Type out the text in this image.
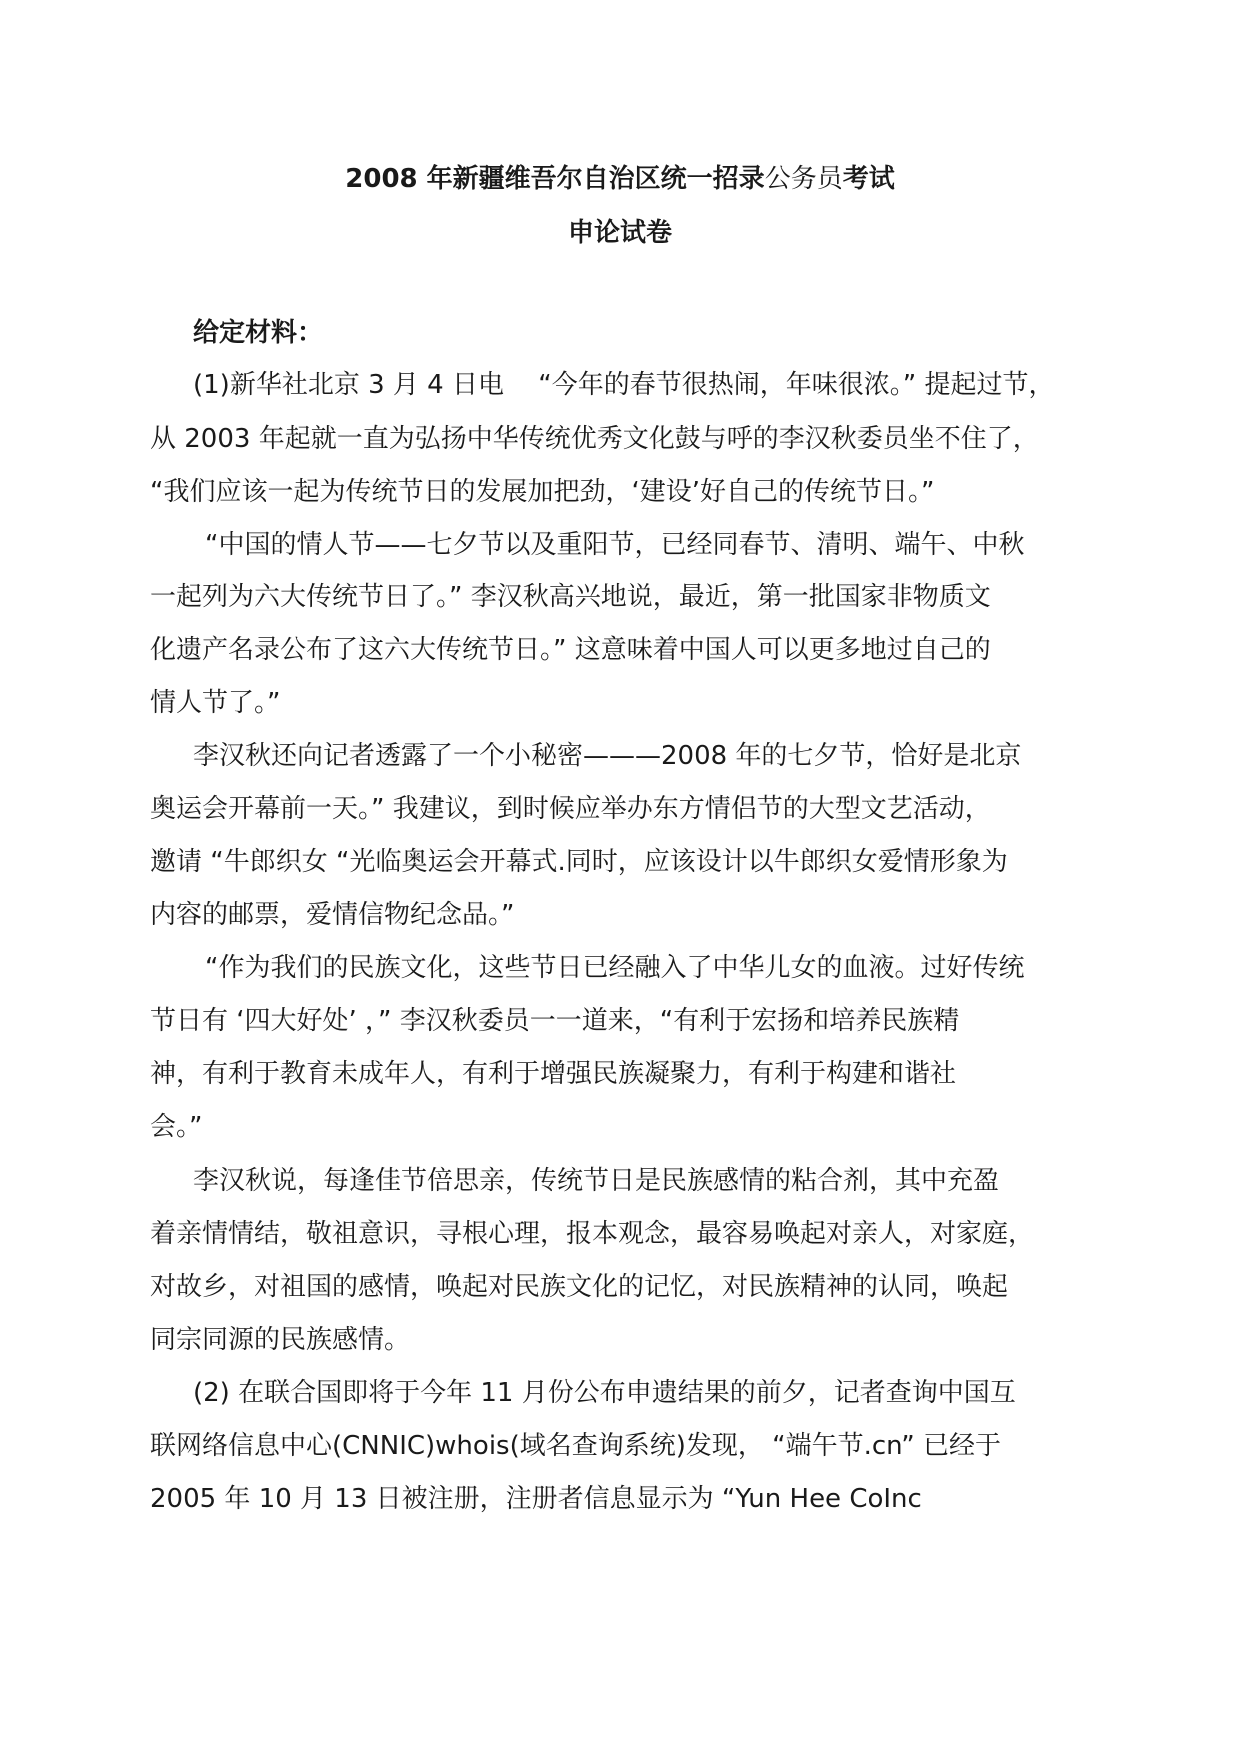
2008 年新疆维吾尔自治区统一招录公务员考试
申论试卷
给定材料：
(1)新华社北京 3 月 4 日电　 “今年的春节很热闹，年味很浓。” 提起过节，
从 2003 年起就一直为弘扬中华传统优秀文化鼓与呼的李汉秋委员坐不住了，
“我们应该一起为传统节日的发展加把劲，‘建设’好自己的传统节日。”
“中国的情人节——七夕节以及重阳节，已经同春节、清明、端午、中秋
一起列为六大传统节日了。” 李汉秋高兴地说，最近，第一批国家非物质文
化遗产名录公布了这六大传统节日。” 这意味着中国人可以更多地过自己的
情人节了。”
李汉秋还向记者透露了一个小秘密———2008 年的七夕节，恰好是北京
奥运会开幕前一天。” 我建议，到时候应举办东方情侣节的大型文艺活动，
邀请 “牛郎织女 “光临奥运会开幕式.同时，应该设计以牛郎织女爱情形象为
内容的邮票，爱情信物纪念品。”
“作为我们的民族文化，这些节日已经融入了中华儿女的血液。过好传统
节日有 ‘四大好处’ ，” 李汉秋委员一一道来，“有利于宏扬和培养民族精
神，有利于教育未成年人，有利于增强民族凝聚力，有利于构建和谐社
会。”
李汉秋说，每逢佳节倍思亲，传统节日是民族感情的粘合剂，其中充盈
着亲情情结，敬祖意识，寻根心理，报本观念，最容易唤起对亲人，对家庭，
对故乡，对祖国的感情，唤起对民族文化的记忆，对民族精神的认同，唤起
同宗同源的民族感情。
(2) 在联合国即将于今年 11 月份公布申遗结果的前夕，记者查询中国互
联网络信息中心(CNNIC)whois(域名查询系统)发现， “端午节.cn” 已经于
2005 年 10 月 13 日被注册，注册者信息显示为 “Yun Hee CoInc
